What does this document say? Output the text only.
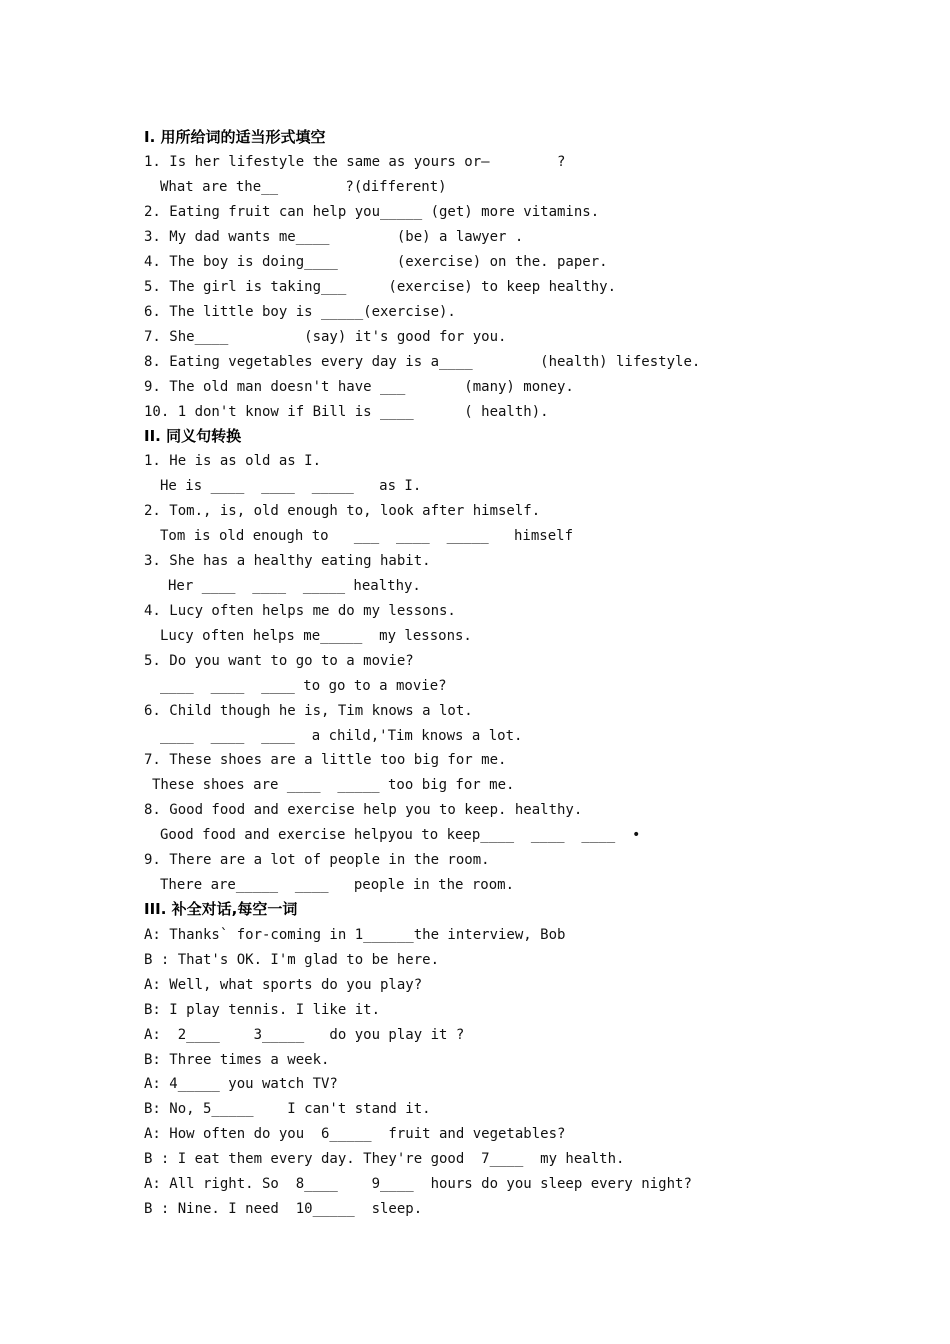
I. 用所给词的适当形式填空
1. Is her lifestyle the same as yours or—        ?
What are the__        ?(different)
2. Eating fruit can help you_____ (get) more vitamins.
3. My dad wants me____        (be) a lawyer .
4. The boy is doing____       (exercise) on the. paper.
5. The girl is taking___     (exercise) to keep healthy.
6. The little boy is _____(exercise).
7. She____         (say) it's good for you.
8. Eating vegetables every day is a____        (health) lifestyle.
9. The old man doesn't have ___       (many) money.
10. 1 don't know if Bill is ____      ( health).
II. 同义句转换
1. He is as old as I.
He is ____  ____  _____   as I.
2. Tom., is, old enough to, look after himself.
Tom is old enough to   ___  ____  _____   himself
3. She has a healthy eating habit.
Her ____  ____  _____ healthy.
4. Lucy often helps me do my lessons.
Lucy often helps me_____  my lessons.
5. Do you want to go to a movie?
____  ____  ____ to go to a movie?
6. Child though he is, Tim knows a lot.
____  ____  ____  a child,'Tim knows a lot.
7. These shoes are a little too big for me.
These shoes are ____  _____ too big for me.
8. Good food and exercise help you to keep. healthy.
Good food and exercise helpyou to keep____  ____  ____  •
9. There are a lot of people in the room.
There are_____  ____   people in the room.
III. 补全对话,每空一词
A: Thanks` for-coming in 1______the interview, Bob
B : That's OK. I'm glad to be here.
A: Well, what sports do you play?
B: I play tennis. I like it.
A:  2____    3_____   do you play it ?
B: Three times a week.
A: 4_____ you watch TV?
B: No, 5_____    I can't stand it.
A: How often do you  6_____  fruit and vegetables?
B : I eat them every day. They're good  7____  my health.
A: All right. So  8____    9____  hours do you sleep every night?
B : Nine. I need  10_____  sleep.
